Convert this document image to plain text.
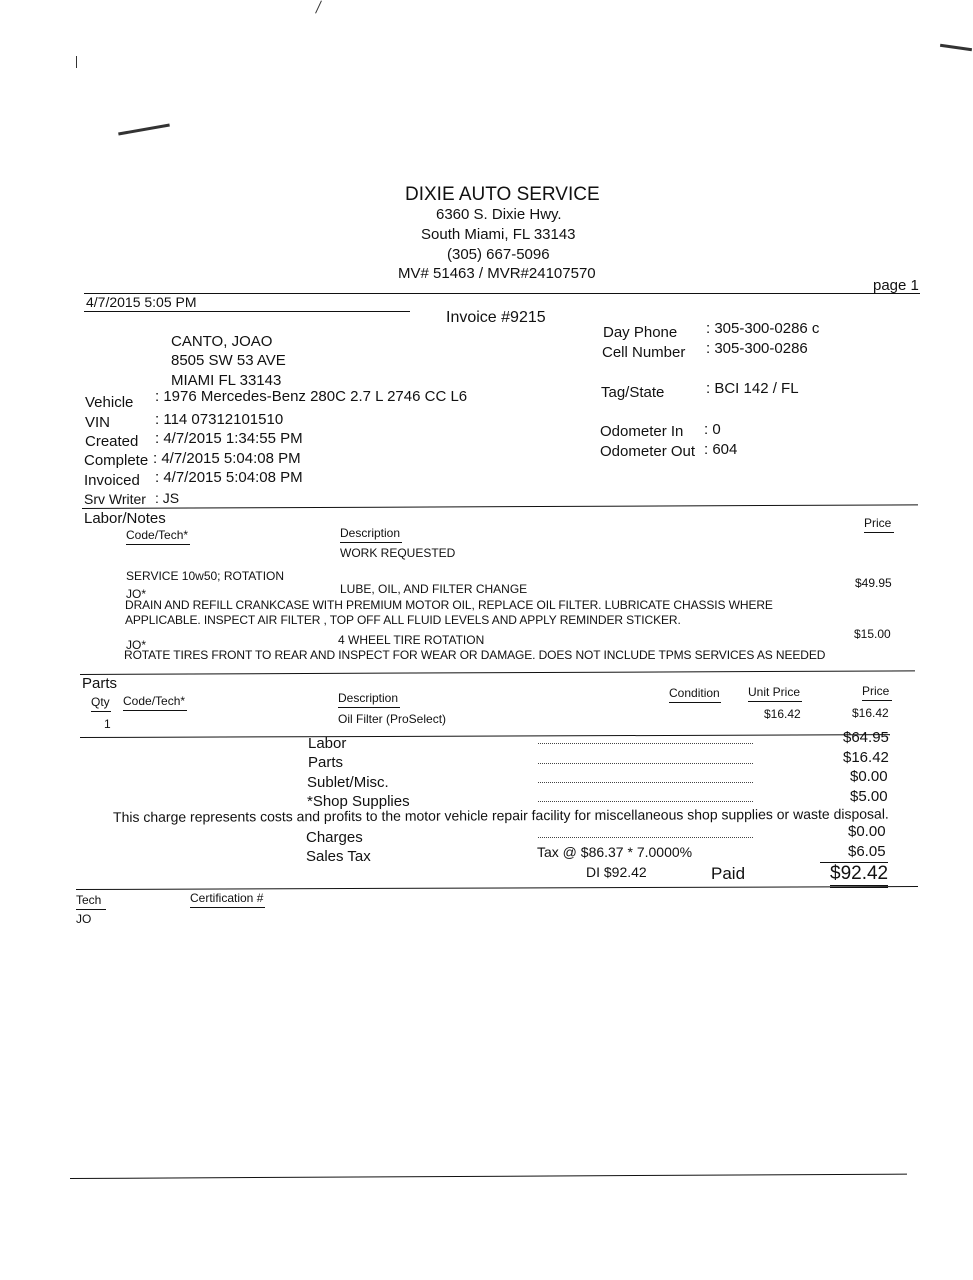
DIXIE AUTO SERVICE
6360 S. Dixie Hwy.
South Miami, FL 33143
(305) 667-5096
MV# 51463 / MVR#24107570
page 1
4/7/2015 5:05 PM
Invoice #9215
CANTO, JOAO
8505 SW 53 AVE
MIAMI FL 33143
Day Phone : 305-300-0286 c
Cell Number : 305-300-0286
Tag/State	: BCI 142 / FL
Odometer In : 0
Odometer Out : 604
Vehicle : 1976 Mercedes-Benz 280C 2.7 L 2746 CC L6
VIN	: 114 07312101510
Created : 4/7/2015 1:34:55 PM
Complete : 4/7/2015 5:04:08 PM
Invoiced : 4/7/2015 5:04:08 PM
Srv Writer : JS
Labor/Notes
Code/Tech*	Description
Price
WORK REQUESTED
SERVICE 10w50; ROTATION
JO*	LUBE, OIL, AND FILTER CHANGE	$49.95
DRAIN AND REFILL CRANKCASE WITH PREMIUM MOTOR OIL, REPLACE OIL FILTER. LUBRICATE CHASSIS WHERE
APPLICABLE. INSPECT AIR FILTER , TOP OFF ALL FLUID LEVELS AND APPLY REMINDER STICKER.
JO*	4 WHEEL TIRE ROTATION	$15.00
ROTATE TIRES FRONT TO REAR AND INSPECT FOR WEAR OR DAMAGE. DOES NOT INCLUDE TPMS SERVICES AS NEEDED
Parts
Qty Code/Tech*	Description	Condition Unit Price	Price
1	Oil Filter (ProSelect)	$16.42	$16.42
Labor	$64.95
Parts	$16.42
Sublet/Misc.	$0.00
*Shop Supplies	$5.00
This charge represents costs and profits to the motor vehicle repair facility for miscellaneous shop supplies or waste disposal.
Charges	$0.00
Sales Tax	Tax @ $86.37 * 7.0000%	$6.05
DI $92.42	Paid	$92.42
Tech	Certification #
JO
